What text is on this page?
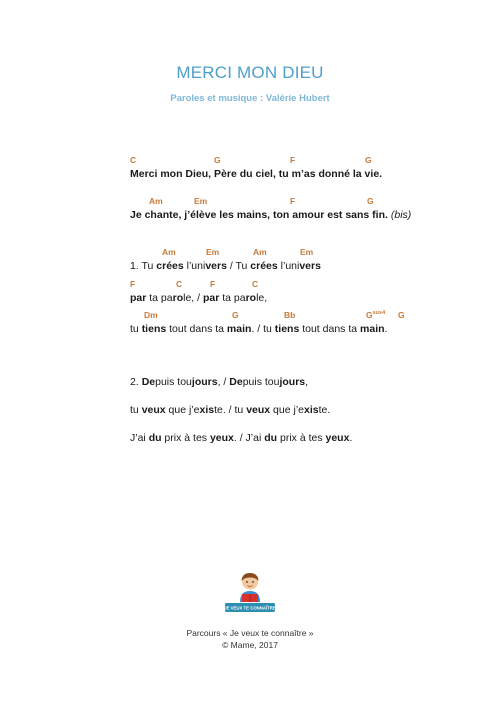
MERCI MON DIEU
Paroles et musique : Valérie Hubert
C	G	F	G
Merci mon Dieu, Père du ciel, tu m’as donné la vie.
Am	Em	F	G
Je chante, j’élève les mains, ton amour est sans fin. (bis)
Am	Em	Am	Em
1. Tu crées l’univers / Tu crées l’univers
F	C	F	C
par ta parole, / par ta parole,
Dm	G	Bb	$G^{sus4}$ G
tu tiens tout dans ta main. / tu tiens tout dans ta main.
2. Depuis toujours, / Depuis toujours,
tu veux que j’existe. / tu veux que j’existe.
J’ai du prix à tes yeux. / J’ai du prix à tes yeux.
JE VEUX TE CONNAÎTRE
Parcours « Je veux te connaître »
© Mame, 2017
